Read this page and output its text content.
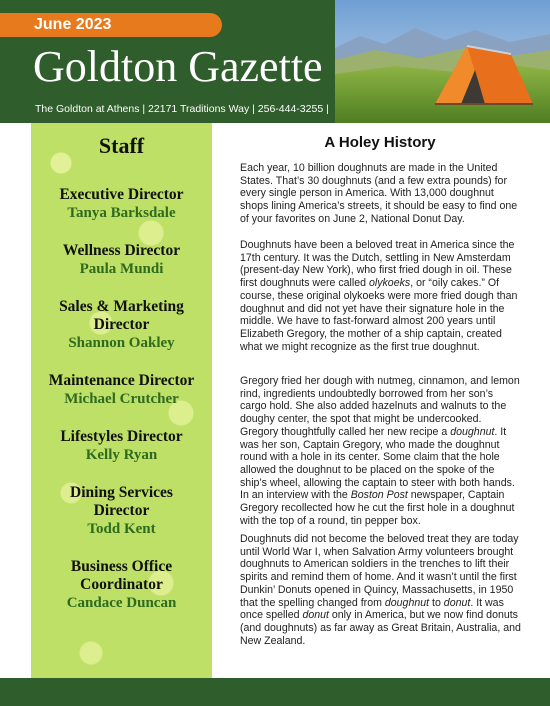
June 2023
Goldton Gazette
The Goldton at Athens | 22171 Traditions Way | 256-444-3255 |
Staff
Executive Director
Tanya Barksdale
Wellness Director
Paula Mundi
Sales & Marketing
Director
Shannon Oakley
Maintenance Director
Michael Crutcher
Lifestyles Director
Kelly Ryan
Dining Services
Director
Todd Kent
Business Office
Coordinator
Candace Duncan
A Holey History
Each year, 10 billion doughnuts are made in the United States. That’s 30 doughnuts (and a few extra pounds) for every single person in America. With 13,000 doughnut shops lining America’s streets, it should be easy to find one of your favorites on June 2, National Donut Day.
Doughnuts have been a beloved treat in America since the 17th century. It was the Dutch, settling in New Amsterdam (present-day New York), who first fried dough in oil. These first doughnuts were called olykoeks, or “oily cakes.” Of course, these original olykoeks were more fried dough than doughnut and did not yet have their signature hole in the middle. We have to fast-forward almost 200 years until Elizabeth Gregory, the mother of a ship captain, created what we might recognize as the first true doughnut.
Gregory fried her dough with nutmeg, cinnamon, and lemon rind, ingredients undoubtedly borrowed from her son’s cargo hold. She also added hazelnuts and walnuts to the doughy center, the spot that might be undercooked. Gregory thoughtfully called her new recipe a doughnut. It was her son, Captain Gregory, who made the doughnut round with a hole in its center. Some claim that the hole allowed the doughnut to be placed on the spoke of the ship’s wheel, allowing the captain to steer with both hands. In an interview with the Boston Post newspaper, Captain Gregory recollected how he cut the first hole in a doughnut with the top of a round, tin pepper box.
Doughnuts did not become the beloved treat they are today until World War I, when Salvation Army volunteers brought doughnuts to American soldiers in the trenches to lift their spirits and remind them of home. And it wasn’t until the first Dunkin’ Donuts opened in Quincy, Massachusetts, in 1950 that the spelling changed from doughnut to donut. It was once spelled donut only in America, but we now find donuts (and doughnuts) as far away as Great Britain, Australia, and New Zealand.
